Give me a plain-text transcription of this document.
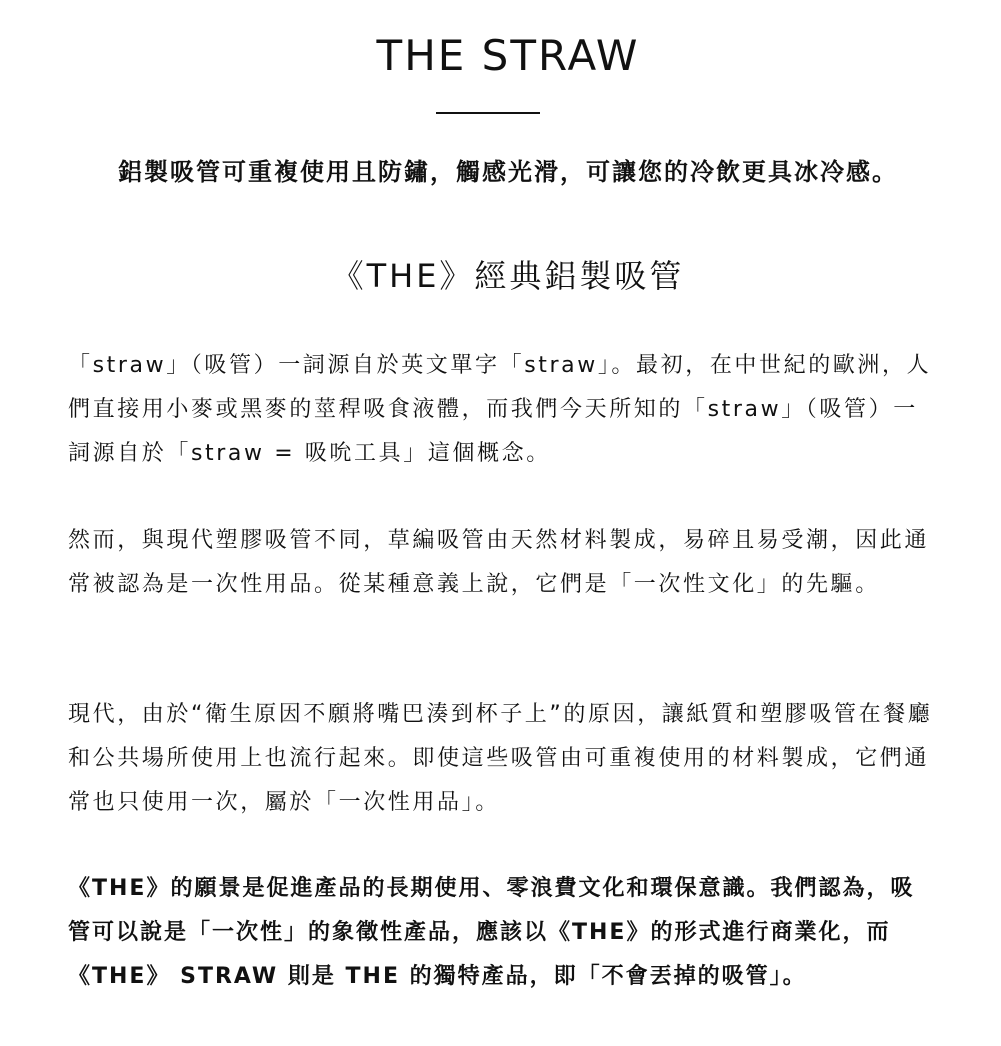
THE STRAW

鋁製吸管可重複使用且防鏽，觸感光滑，可讓您的冷飲更具冰冷感。

《THE》經典鋁製吸管

「straw」（吸管）一詞源自於英文單字「straw」。最初，在中世紀的歐洲，人們直接用小麥或黑麥的莖稈吸食液體，而我們今天所知的「straw」（吸管）一詞源自於「straw = 吸吮工具」這個概念。

然而，與現代塑膠吸管不同，草編吸管由天然材料製成，易碎且易受潮，因此通常被認為是一次性用品。從某種意義上說，它們是「一次性文化」的先驅。

現代，由於“衛生原因不願將嘴巴湊到杯子上”的原因，讓紙質和塑膠吸管在餐廳和公共場所使用上也流行起來。即使這些吸管由可重複使用的材料製成，它們通常也只使用一次，屬於「一次性用品」。

《THE》的願景是促進產品的長期使用、零浪費文化和環保意識。我們認為，吸管可以說是「一次性」的象徵性產品，應該以《THE》的形式進行商業化，而《THE》 STRAW 則是 THE 的獨特產品，即「不會丟掉的吸管」。
